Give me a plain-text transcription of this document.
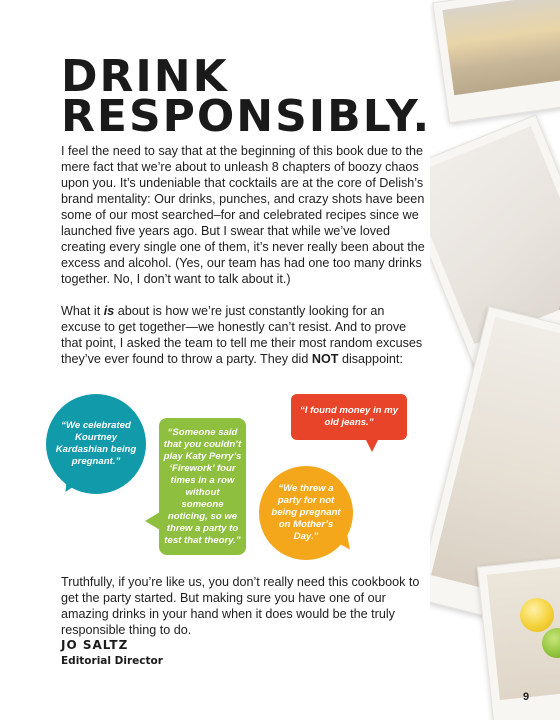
DRINK
RESPONSIBLY.

I feel the need to say that at the beginning of this book due to the mere fact that we’re about to unleash 8 chapters of boozy chaos upon you. It’s undeniable that cocktails are at the core of Delish’s brand mentality: Our drinks, punches, and crazy shots have been some of our most searched–for and celebrated recipes since we launched five years ago. But I swear that while we’ve loved creating every single one of them, it’s never really been about the excess and alcohol. (Yes, our team has had one too many drinks together. No, I don’t want to talk about it.)

What it is about is how we’re just constantly looking for an excuse to get together—we honestly can’t resist. And to prove that point, I asked the team to tell me their most random excuses they’ve ever found to throw a party. They did NOT disappoint:

“We celebrated Kourtney Kardashian being pregnant.”
“Someone said that you couldn’t play Katy Perry’s ‘Firework’ four times in a row without someone noticing, so we threw a party to test that theory.”
“I found money in my old jeans.”
“We threw a party for not being pregnant on Mother’s Day.”

Truthfully, if you’re like us, you don’t really need this cookbook to get the party started. But making sure you have one of our amazing drinks in your hand when it does would be the truly responsible thing to do.

JO SALTZ
Editorial Director
9
